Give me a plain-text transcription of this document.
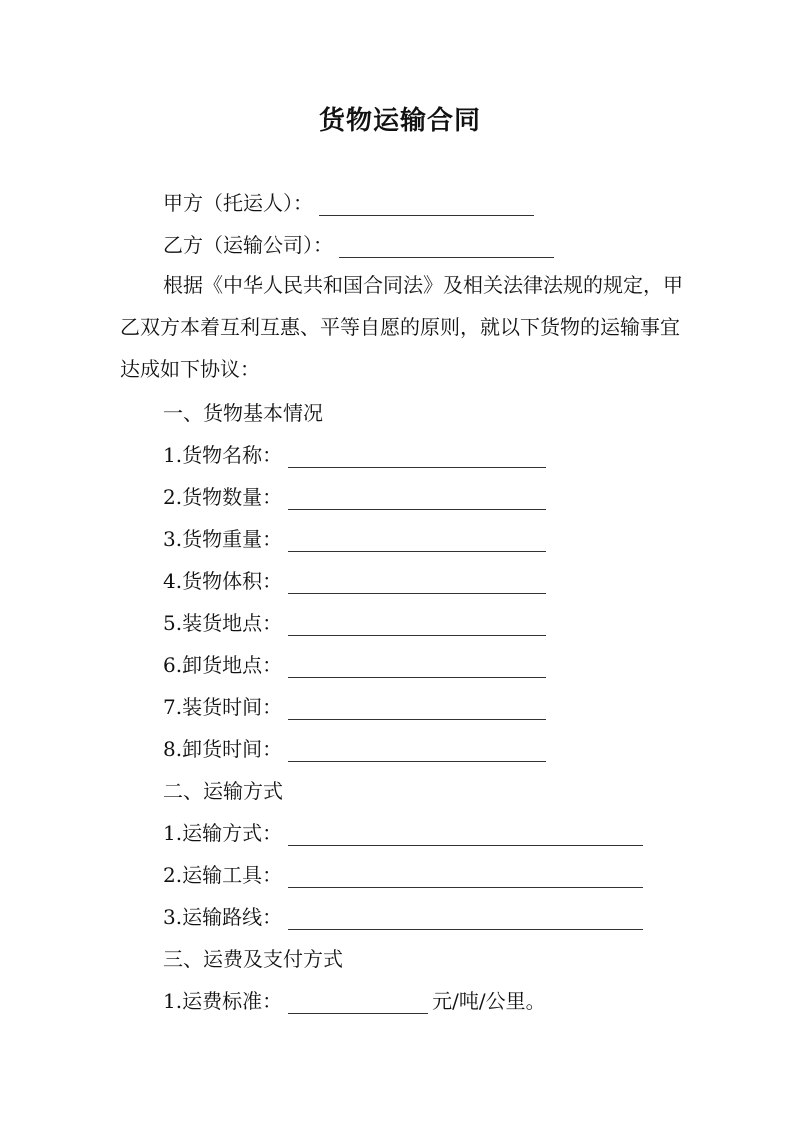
货物运输合同
甲方（托运人）：
乙方（运输公司）：
根据《中华人民共和国合同法》及相关法律法规的规定，甲乙双方本着互利互惠、平等自愿的原则，就以下货物的运输事宜达成如下协议：
一、货物基本情况
1.货物名称：
2.货物数量：
3.货物重量：
4.货物体积：
5.装货地点：
6.卸货地点：
7.装货时间：
8.卸货时间：
二、运输方式
1.运输方式：
2.运输工具：
3.运输路线：
三、运费及支付方式
1.运费标准：	元/吨/公里。
